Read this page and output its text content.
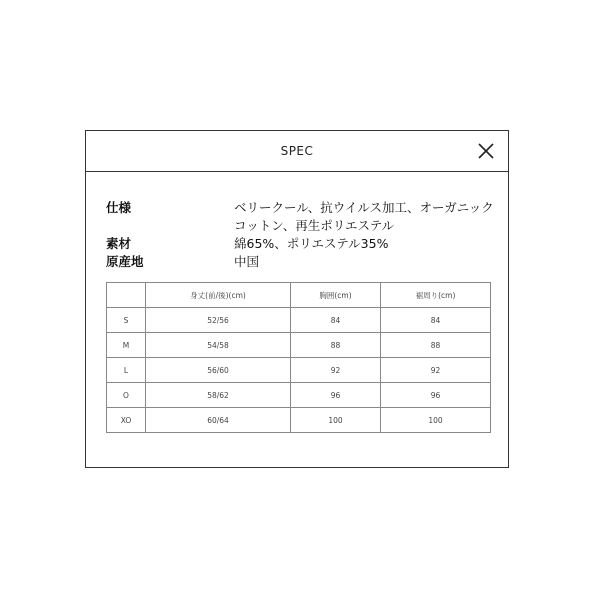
SPEC
仕様	ベリークール、抗ウイルス加工、オーガニックコットン、再生ポリエステル
素材	綿65%、ポリエステル35%
原産地	中国
	身丈(前/後)(cm)	胸囲(cm)	裾周り(cm)
S	52/56	84	84
M	54/58	88	88
L	56/60	92	92
O	58/62	96	96
XO	60/64	100	100
